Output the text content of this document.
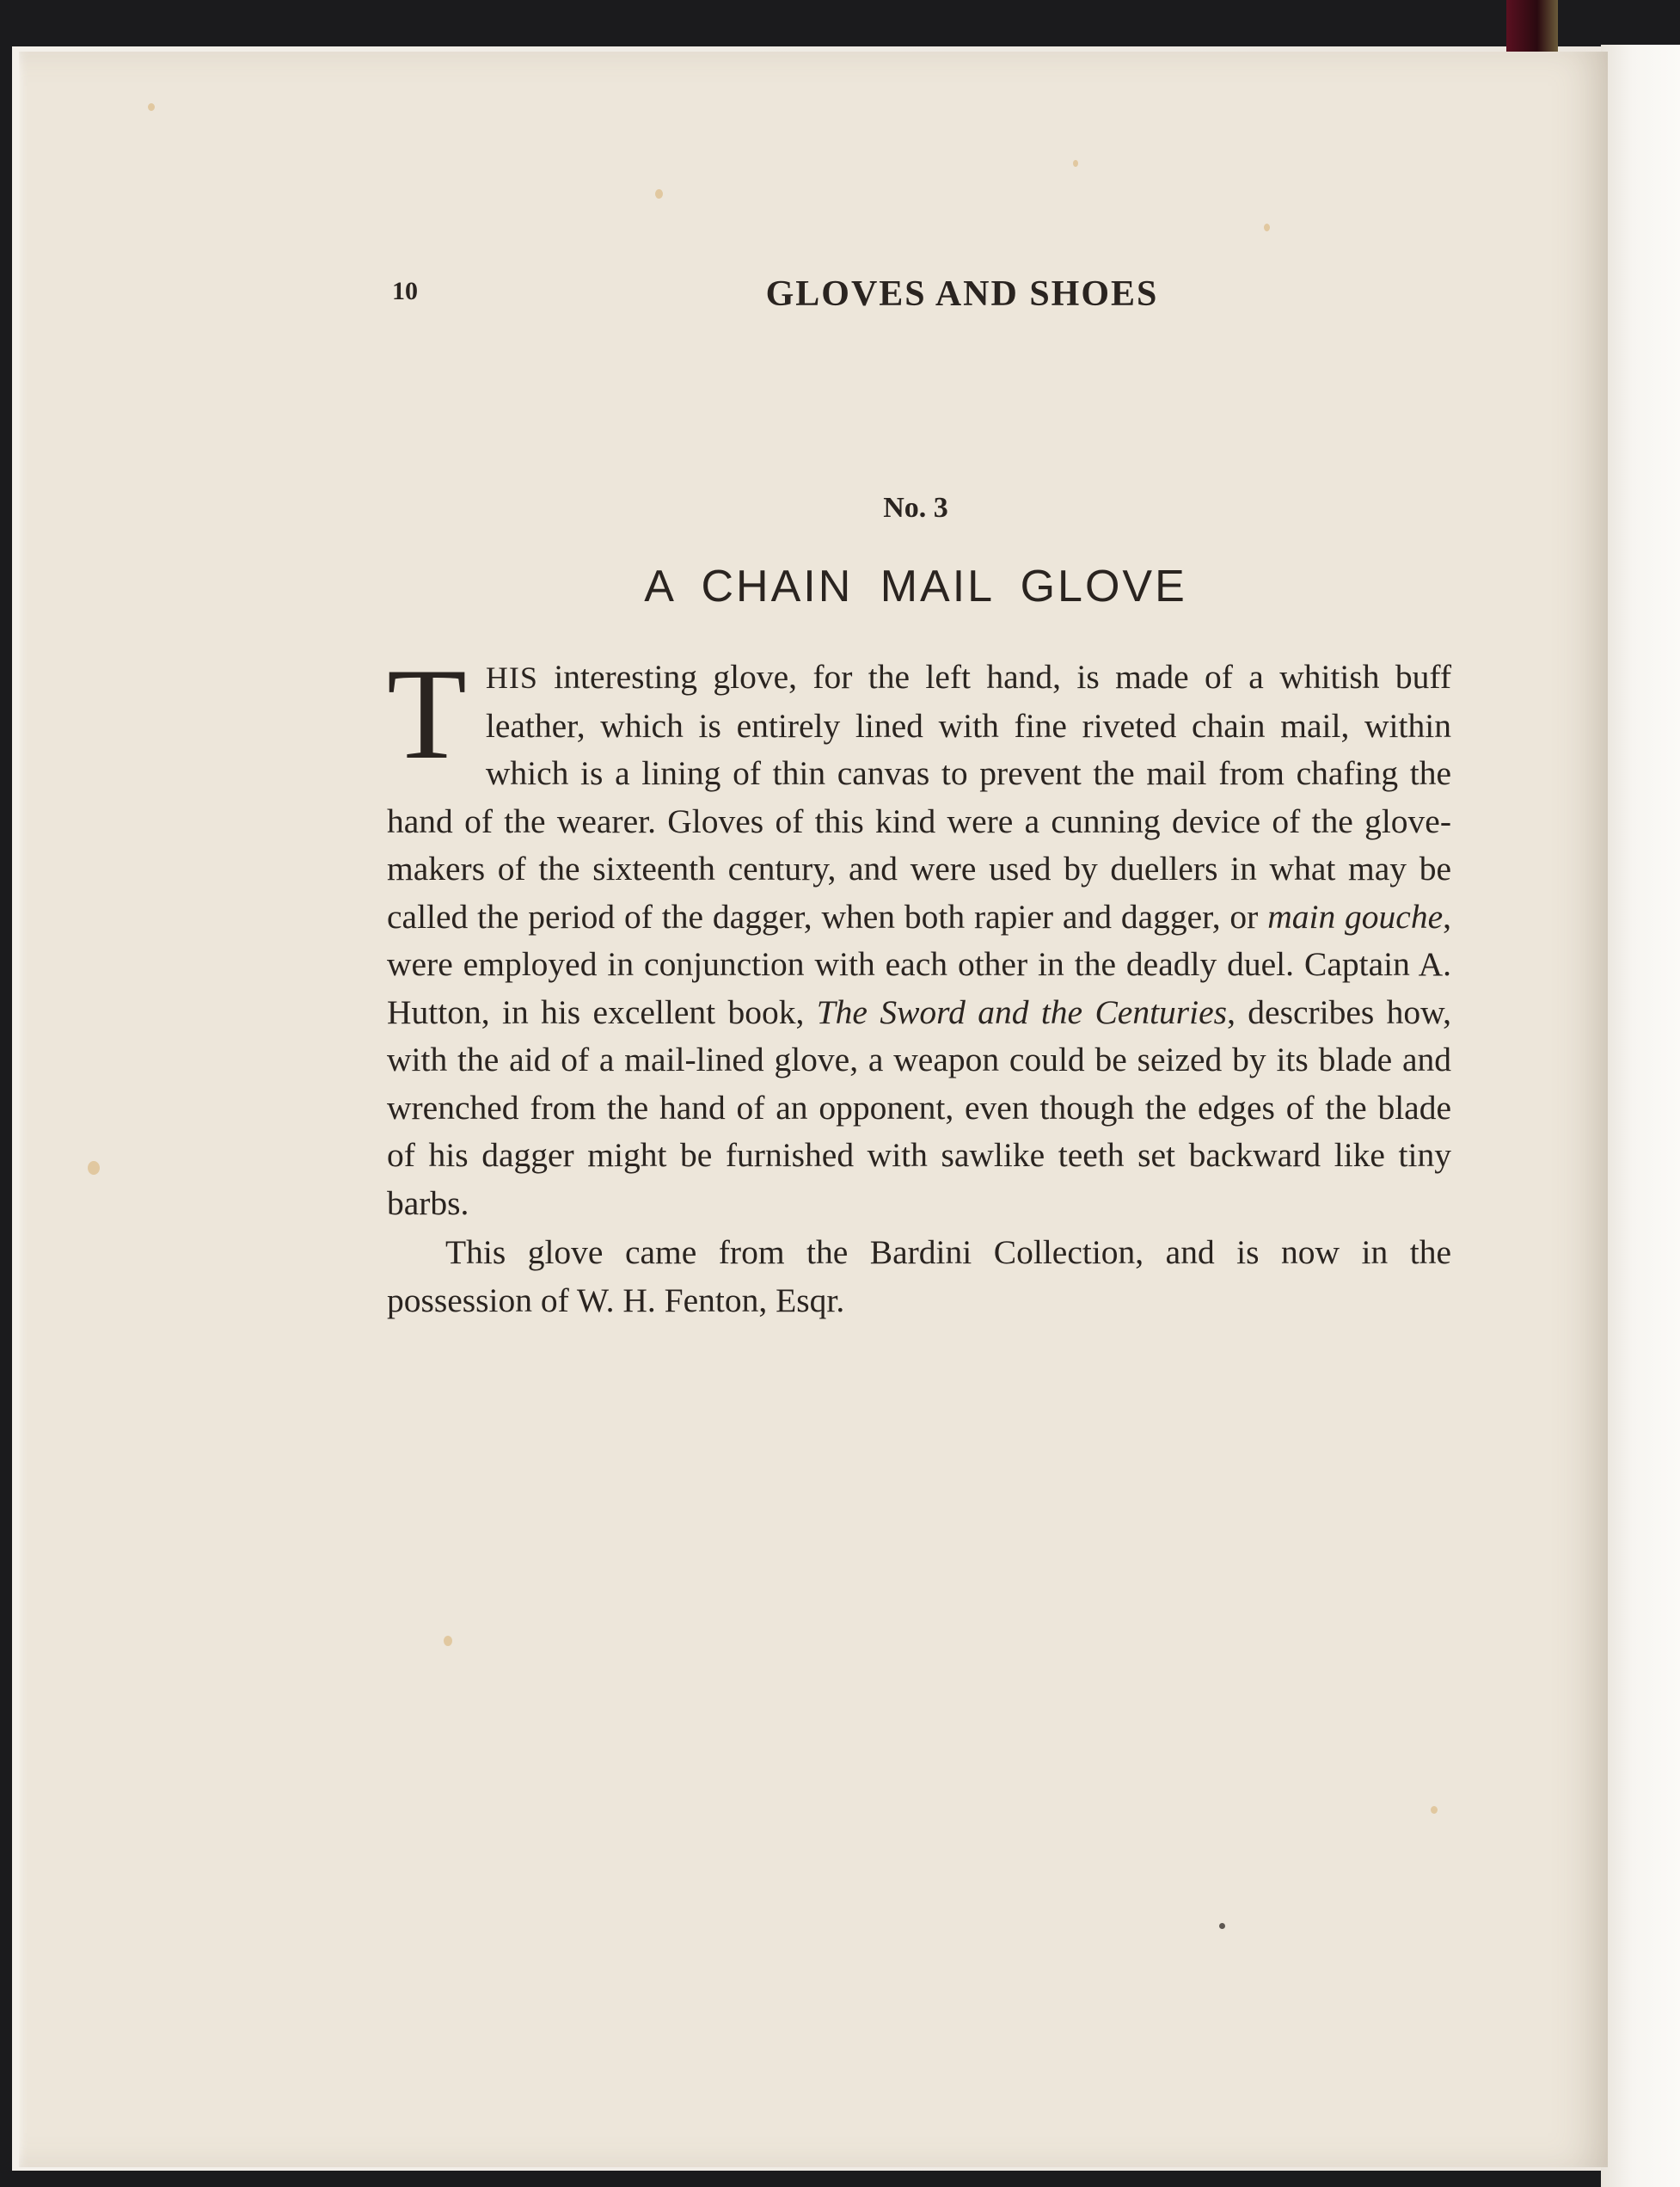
10	GLOVES AND SHOES
No. 3
A CHAIN MAIL GLOVE

THIS interesting glove, for the left hand, is made of a whitish buff leather, which is entirely lined with fine riveted chain mail, within which is a lining of thin canvas to prevent the mail from chafing the hand of the wearer. Gloves of this kind were a cunning device of the glove-makers of the sixteenth century, and were used by duellers in what may be called the period of the dagger, when both rapier and dagger, or main gouche, were employed in conjunction with each other in the deadly duel. Captain A. Hutton, in his excellent book, The Sword and the Centuries, describes how, with the aid of a mail-lined glove, a weapon could be seized by its blade and wrenched from the hand of an opponent, even though the edges of the blade of his dagger might be furnished with sawlike teeth set backward like tiny barbs.

This glove came from the Bardini Collection, and is now in the possession of W. H. Fenton, Esqr.
